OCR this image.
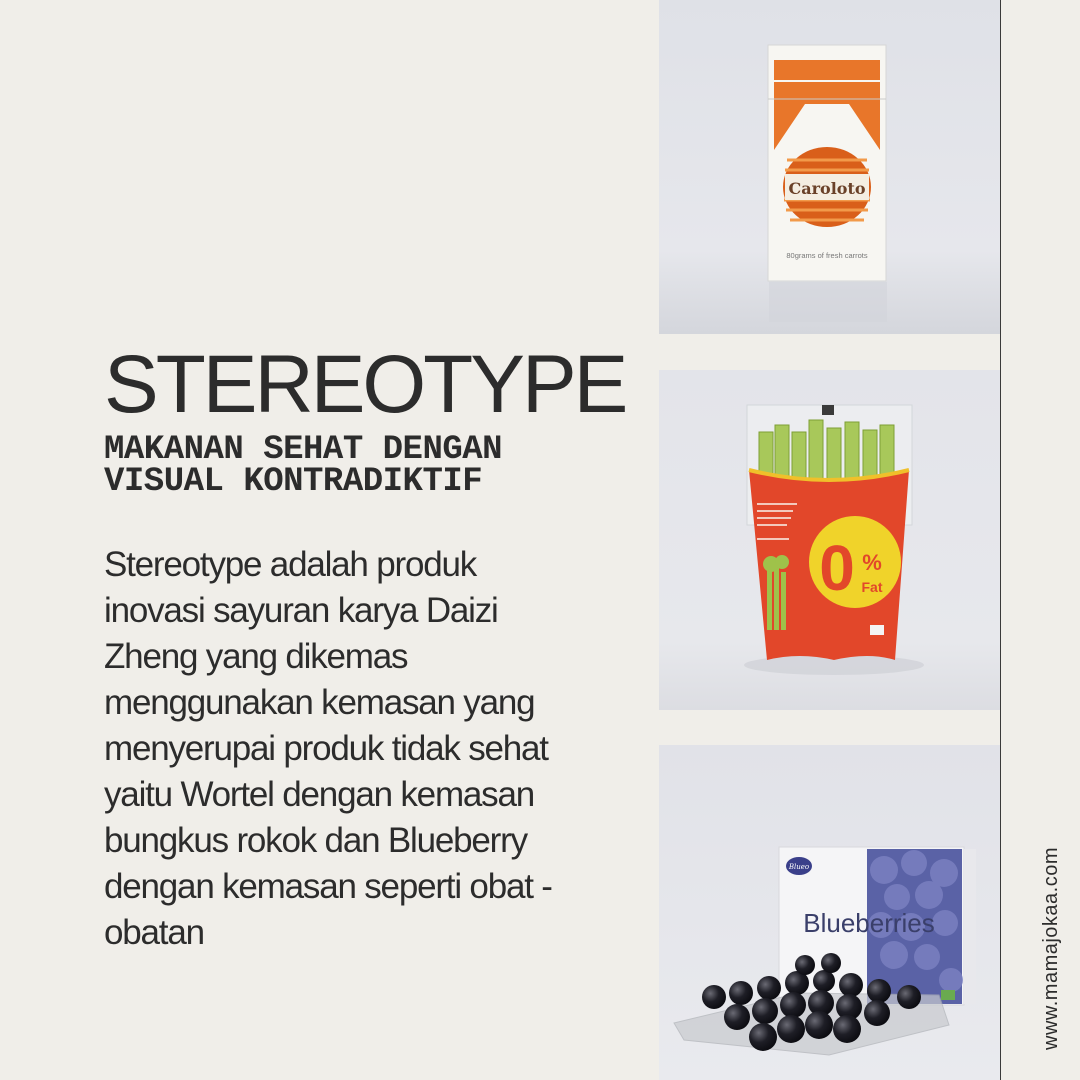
STEREOTYPE
MAKANAN SEHAT DENGAN
VISUAL KONTRADIKTIF
Stereotype adalah produk
inovasi sayuran karya Daizi
Zheng yang dikemas
menggunakan kemasan yang
menyerupai produk tidak sehat
yaitu Wortel dengan kemasan
bungkus rokok dan Blueberry
dengan kemasan seperti obat -
obatan
Caroloto
80grams of fresh carrots
0 %
Fat
Blueo
Blueberries	www.mamajokaa.com
